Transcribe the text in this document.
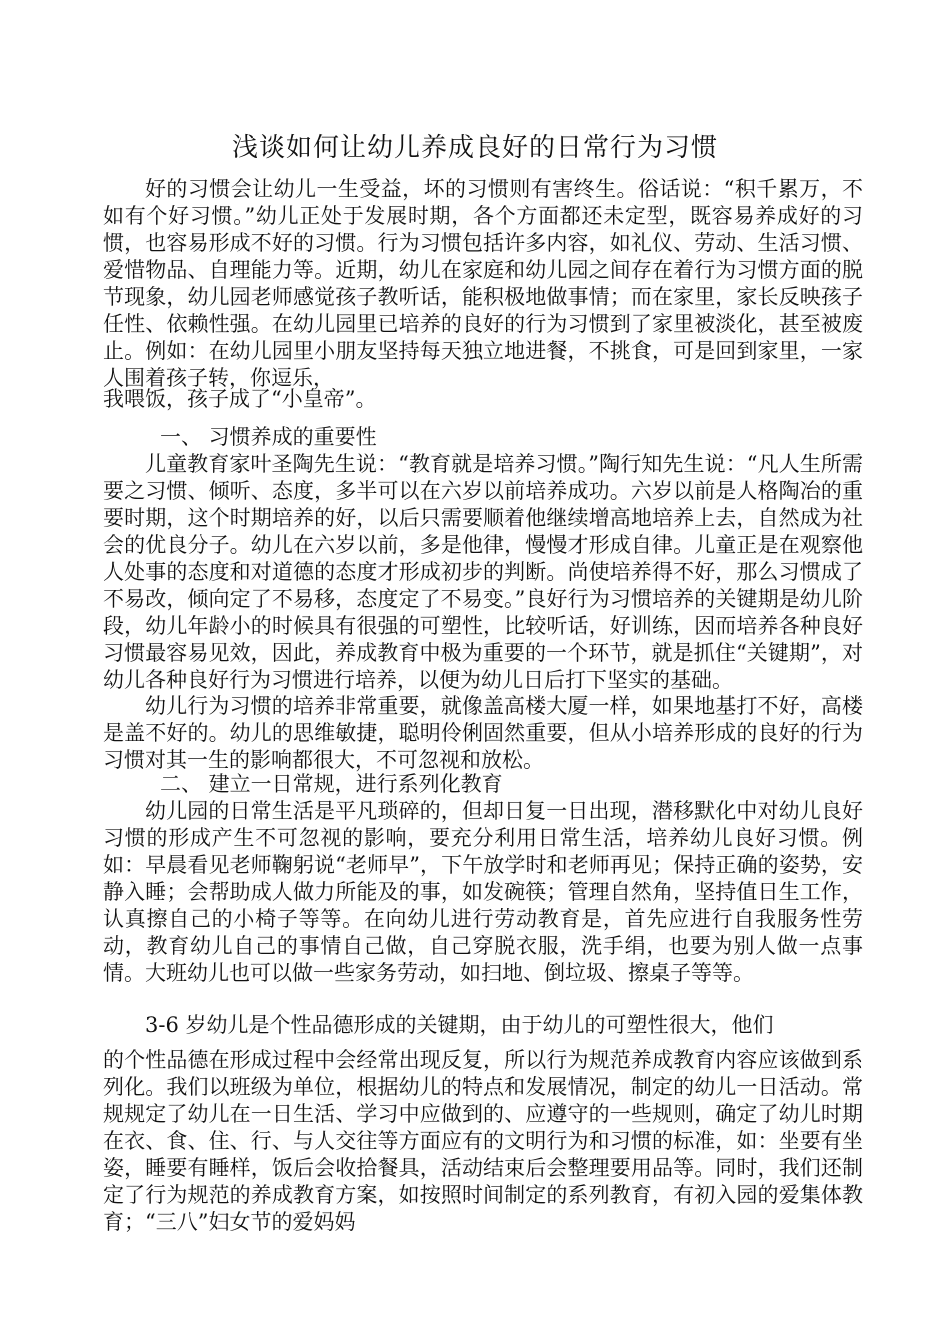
浅谈如何让幼儿养成良好的日常行为习惯
好的习惯会让幼儿一生受益，坏的习惯则有害终生。俗话说：“积千累万，不如有个好习惯。”幼儿正处于发展时期，各个方面都还未定型，既容易养成好的习惯，也容易形成不好的习惯。行为习惯包括许多内容，如礼仪、劳动、生活习惯、爱惜物品、自理能力等。近期，幼儿在家庭和幼儿园之间存在着行为习惯方面的脱节现象，幼儿园老师感觉孩子教听话，能积极地做事情；而在家里，家长反映孩子任性、依赖性强。在幼儿园里已培养的良好的行为习惯到了家里被淡化，甚至被废止。例如：在幼儿园里小朋友坚持每天独立地进餐，不挑食，可是回到家里，一家人围着孩子转，你逗乐，
我喂饭，孩子成了“小皇帝”。
一、 习惯养成的重要性
儿童教育家叶圣陶先生说：“教育就是培养习惯。”陶行知先生说：“凡人生所需要之习惯、倾听、态度，多半可以在六岁以前培养成功。六岁以前是人格陶冶的重要时期，这个时期培养的好，以后只需要顺着他继续增高地培养上去，自然成为社会的优良分子。幼儿在六岁以前，多是他律，慢慢才形成自律。儿童正是在观察他人处事的态度和对道德的态度才形成初步的判断。尚使培养得不好，那么习惯成了不易改，倾向定了不易移，态度定了不易变。”良好行为习惯培养的关键期是幼儿阶段，幼儿年龄小的时候具有很强的可塑性，比较听话，好训练，因而培养各种良好习惯最容易见效，因此，养成教育中极为重要的一个环节，就是抓住“关键期”，对幼儿各种良好行为习惯进行培养，以便为幼儿日后打下坚实的基础。
幼儿行为习惯的培养非常重要，就像盖高楼大厦一样，如果地基打不好，高楼是盖不好的。幼儿的思维敏捷，聪明伶俐固然重要，但从小培养形成的良好的行为习惯对其一生的影响都很大，不可忽视和放松。
二、 建立一日常规，进行系列化教育
幼儿园的日常生活是平凡琐碎的，但却日复一日出现，潜移默化中对幼儿良好习惯的形成产生不可忽视的影响，要充分利用日常生活，培养幼儿良好习惯。例如：早晨看见老师鞠躬说“老师早”，下午放学时和老师再见；保持正确的姿势，安静入睡；会帮助成人做力所能及的事，如发碗筷；管理自然角，坚持值日生工作，认真擦自己的小椅子等等。在向幼儿进行劳动教育是，首先应进行自我服务性劳动，教育幼儿自己的事情自己做，自己穿脱衣服，洗手绢，也要为别人做一点事情。大班幼儿也可以做一些家务劳动，如扫地、倒垃圾、擦桌子等等。
3-6 岁幼儿是个性品德形成的关键期，由于幼儿的可塑性很大，他们
的个性品德在形成过程中会经常出现反复，所以行为规范养成教育内容应该做到系列化。我们以班级为单位，根据幼儿的特点和发展情况，制定的幼儿一日活动。常规规定了幼儿在一日生活、学习中应做到的、应遵守的一些规则，确定了幼儿时期在衣、食、住、行、与人交往等方面应有的文明行为和习惯的标准，如：坐要有坐姿，睡要有睡样，饭后会收拾餐具，活动结束后会整理要用品等。同时，我们还制定了行为规范的养成教育方案，如按照时间制定的系列教育，有初入园的爱集体教育；“三八”妇女节的爱妈妈
